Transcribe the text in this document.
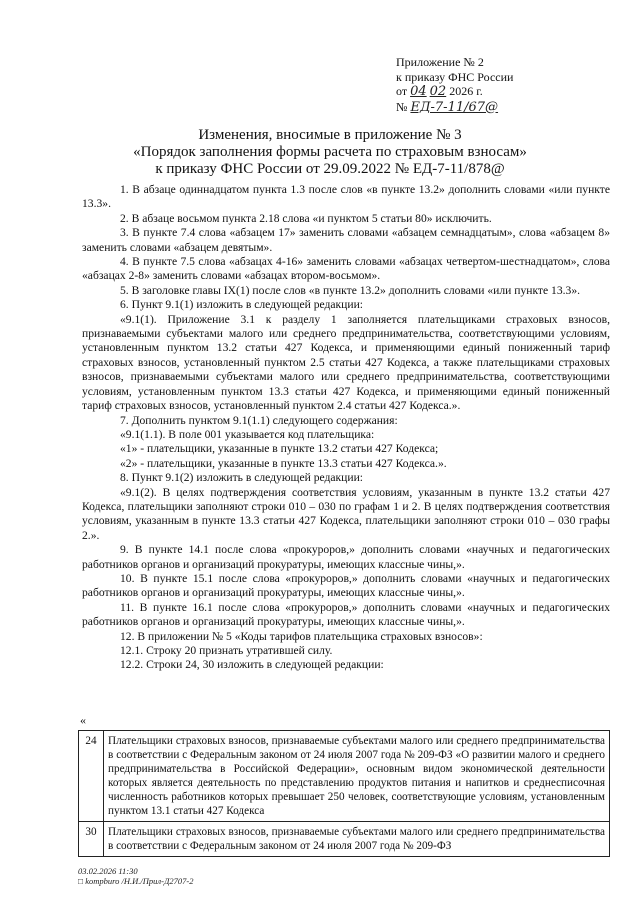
Приложение № 2
к приказу ФНС России
от 04 02 2026 г.
№ ЕД-7-11/67@
Изменения, вносимые в приложение № 3
«Порядок заполнения формы расчета по страховым взносам»
к приказу ФНС России от 29.09.2022 № ЕД-7-11/878@

1. В абзаце одиннадцатом пункта 1.3 после слов «в пункте 13.2» дополнить словами «или пункте 13.3».

2. В абзаце восьмом пункта 2.18 слова «и пунктом 5 статьи 80» исключить.

3. В пункте 7.4 слова «абзацем 17» заменить словами «абзацем семнадцатым», слова «абзацем 8» заменить словами «абзацем девятым».

4. В пункте 7.5 слова «абзацах 4-16» заменить словами «абзацах четвертом-шестнадцатом», слова «абзацах 2-8» заменить словами «абзацах втором-восьмом».

5. В заголовке главы IX(1) после слов «в пункте 13.2» дополнить словами «или пункте 13.3».

6. Пункт 9.1(1) изложить в следующей редакции:

«9.1(1). Приложение 3.1 к разделу 1 заполняется плательщиками страховых взносов, признаваемыми субъектами малого или среднего предпринимательства, соответствующими условиям, установленным пунктом 13.2 статьи 427 Кодекса, и применяющими единый пониженный тариф страховых взносов, установленный пунктом 2.5 статьи 427 Кодекса, а также плательщиками страховых взносов, признаваемыми субъектами малого или среднего предпринимательства, соответствующими условиям, установленным пунктом 13.3 статьи 427 Кодекса, и применяющими единый пониженный тариф страховых взносов, установленный пунктом 2.4 статьи 427 Кодекса.».

7. Дополнить пунктом 9.1(1.1) следующего содержания:

«9.1(1.1). В поле 001 указывается код плательщика:

«1» - плательщики, указанные в пункте 13.2 статьи 427 Кодекса;

«2» - плательщики, указанные в пункте 13.3 статьи 427 Кодекса.».

8. Пункт 9.1(2) изложить в следующей редакции:

«9.1(2). В целях подтверждения соответствия условиям, указанным в пункте 13.2 статьи 427 Кодекса, плательщики заполняют строки 010 – 030 по графам 1 и 2. В целях подтверждения соответствия условиям, указанным в пункте 13.3 статьи 427 Кодекса, плательщики заполняют строки 010 – 030 графы 2.».

9. В пункте 14.1 после слова «прокуроров,» дополнить словами «научных и педагогических работников органов и организаций прокуратуры, имеющих классные чины,».

10. В пункте 15.1 после слова «прокуроров,» дополнить словами «научных и педагогических работников органов и организаций прокуратуры, имеющих классные чины,».

11. В пункте 16.1 после слова «прокуроров,» дополнить словами «научных и педагогических работников органов и организаций прокуратуры, имеющих классные чины,».

12. В приложении № 5 «Коды тарифов плательщика страховых взносов»:

12.1. Строку 20 признать утратившей силу.

12.2. Строки 24, 30 изложить в следующей редакции:

«
24	Плательщики страховых взносов, признаваемые субъектами малого или среднего предпринимательства в соответствии с Федеральным законом от 24 июля 2007 года № 209-ФЗ «О развитии малого и среднего предпринимательства в Российской Федерации», основным видом экономической деятельности которых является деятельность по представлению продуктов питания и напитков и среднесписочная численность работников которых превышает 250 человек, соответствующие условиям, установленным пунктом 13.1 статьи 427 Кодекса
30	Плательщики страховых взносов, признаваемые субъектами малого или среднего предпринимательства в соответствии с Федеральным законом от 24 июля 2007 года № 209-ФЗ
03.02.2026 11:30
□ kompburo /Н.И./Прил-Д2707-2
